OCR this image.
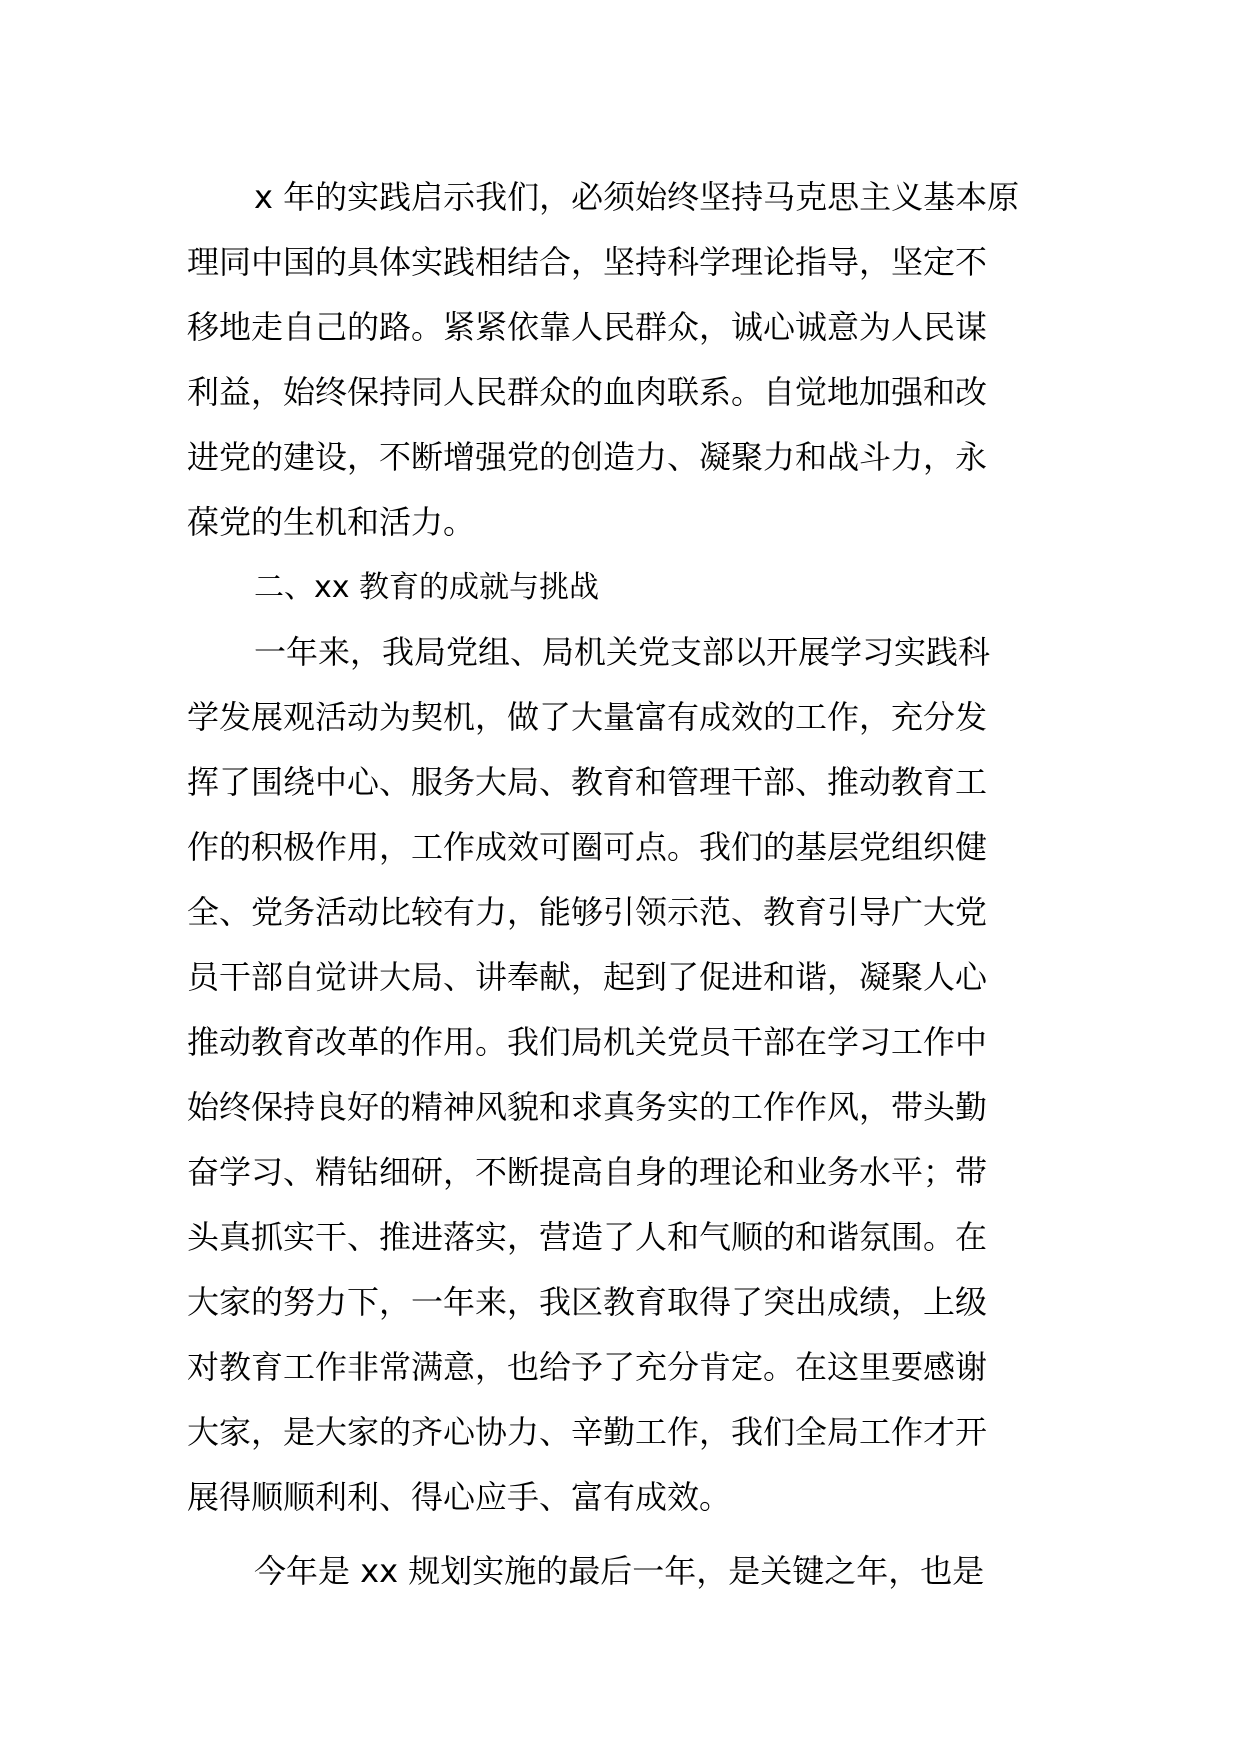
x 年的实践启示我们，必须始终坚持马克思主义基本原
理同中国的具体实践相结合，坚持科学理论指导，坚定不
移地走自己的路。紧紧依靠人民群众，诚心诚意为人民谋
利益，始终保持同人民群众的血肉联系。自觉地加强和改
进党的建设，不断增强党的创造力、凝聚力和战斗力，永
葆党的生机和活力。
二、xx 教育的成就与挑战
一年来，我局党组、局机关党支部以开展学习实践科
学发展观活动为契机，做了大量富有成效的工作，充分发
挥了围绕中心、服务大局、教育和管理干部、推动教育工
作的积极作用，工作成效可圈可点。我们的基层党组织健
全、党务活动比较有力，能够引领示范、教育引导广大党
员干部自觉讲大局、讲奉献，起到了促进和谐，凝聚人心
推动教育改革的作用。我们局机关党员干部在学习工作中
始终保持良好的精神风貌和求真务实的工作作风，带头勤
奋学习、精钻细研，不断提高自身的理论和业务水平；带
头真抓实干、推进落实，营造了人和气顺的和谐氛围。在
大家的努力下，一年来，我区教育取得了突出成绩，上级
对教育工作非常满意，也给予了充分肯定。在这里要感谢
大家，是大家的齐心协力、辛勤工作，我们全局工作才开
展得顺顺利利、得心应手、富有成效。
今年是 xx 规划实施的最后一年，是关键之年，也是
